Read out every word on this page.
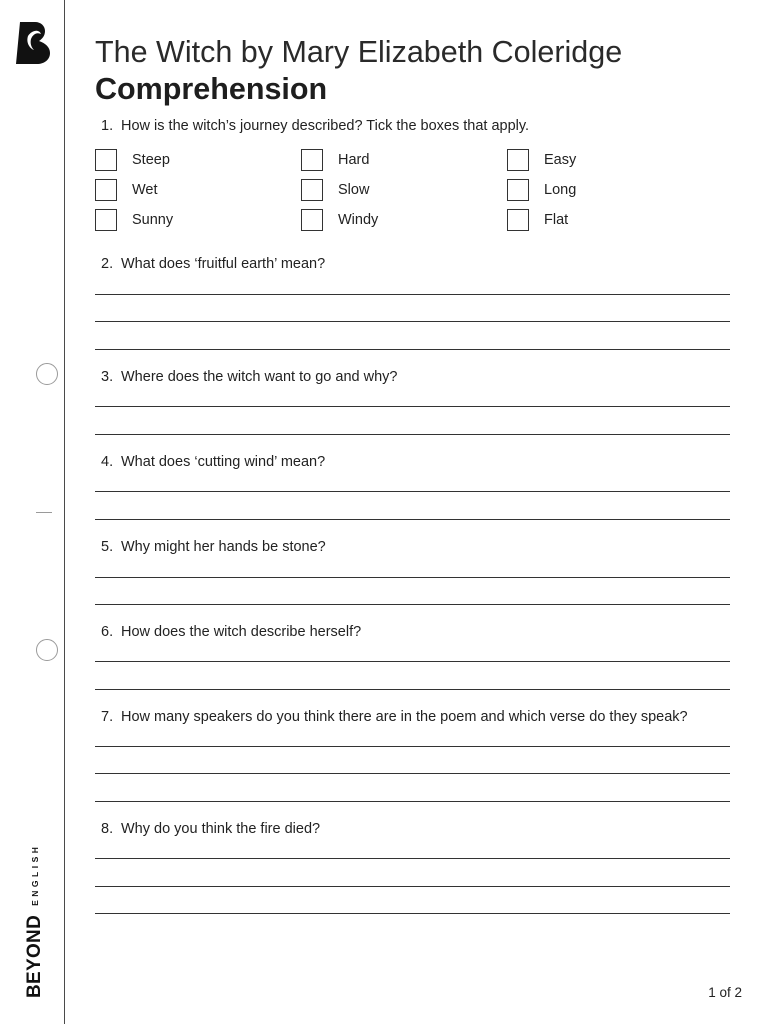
BEYOND
ENGLISH
The Witch by Mary Elizabeth Coleridge
Comprehension
1. How is the witch’s journey described? Tick the boxes that apply.
Steep	Hard	Easy
Wet	Slow	Long
Sunny	Windy	Flat
2. What does ‘fruitful earth’ mean?
3. Where does the witch want to go and why?
4. What does ‘cutting wind’ mean?
5. Why might her hands be stone?
6. How does the witch describe herself?
7. How many speakers do you think there are in the poem and which verse do they speak?
8. Why do you think the fire died?
1 of 2
